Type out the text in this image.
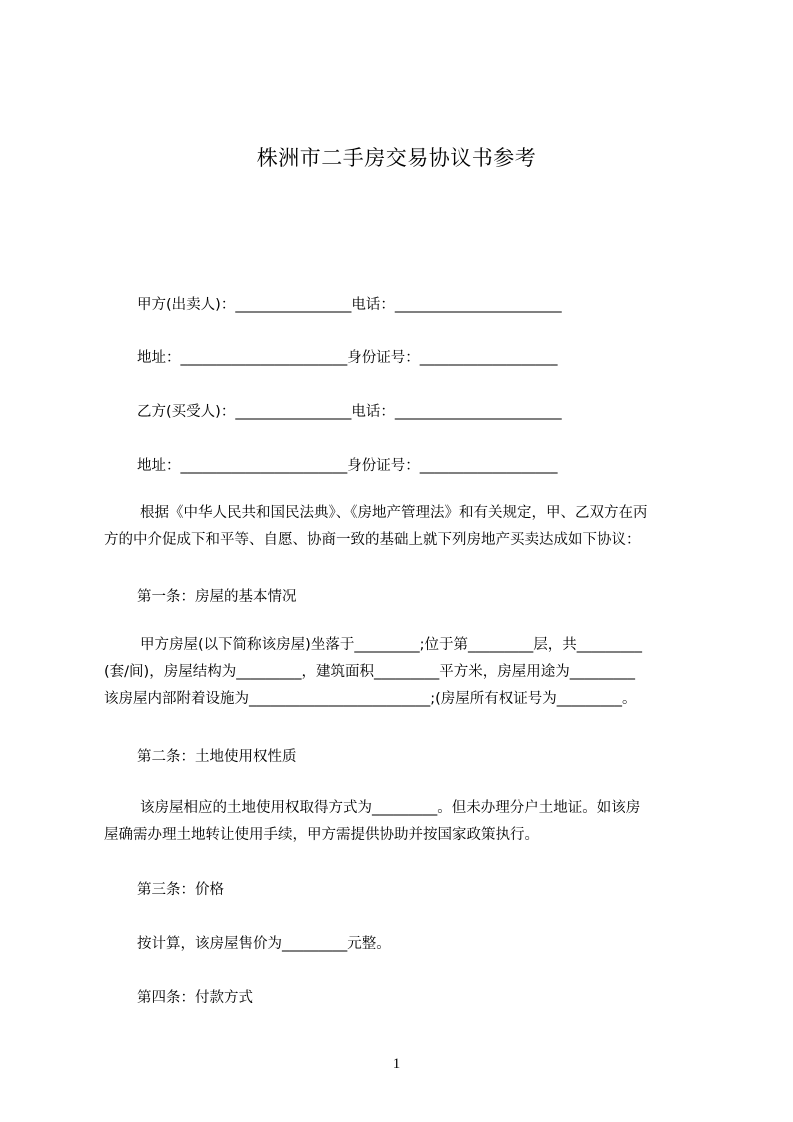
株洲市二手房交易协议书参考
甲方(出卖人)：________________电话：_______________________
地址：_______________________身份证号：___________________
乙方(买受人)：________________电话：_______________________
地址：_______________________身份证号：___________________
根据《中华人民共和国民法典》、《房地产管理法》和有关规定，甲、乙双方在丙
方的中介促成下和平等、自愿、协商一致的基础上就下列房地产买卖达成如下协议：
第一条：房屋的基本情况
甲方房屋(以下简称该房屋)坐落于_________;位于第_________层，共_________
(套/间)，房屋结构为_________，建筑面积_________平方米，房屋用途为_________
该房屋内部附着设施为_________________________;(房屋所有权证号为_________。
第二条：土地使用权性质
该房屋相应的土地使用权取得方式为_________。但未办理分户土地证。如该房
屋确需办理土地转让使用手续，甲方需提供协助并按国家政策执行。
第三条：价格
按计算，该房屋售价为_________元整。
第四条：付款方式
1
